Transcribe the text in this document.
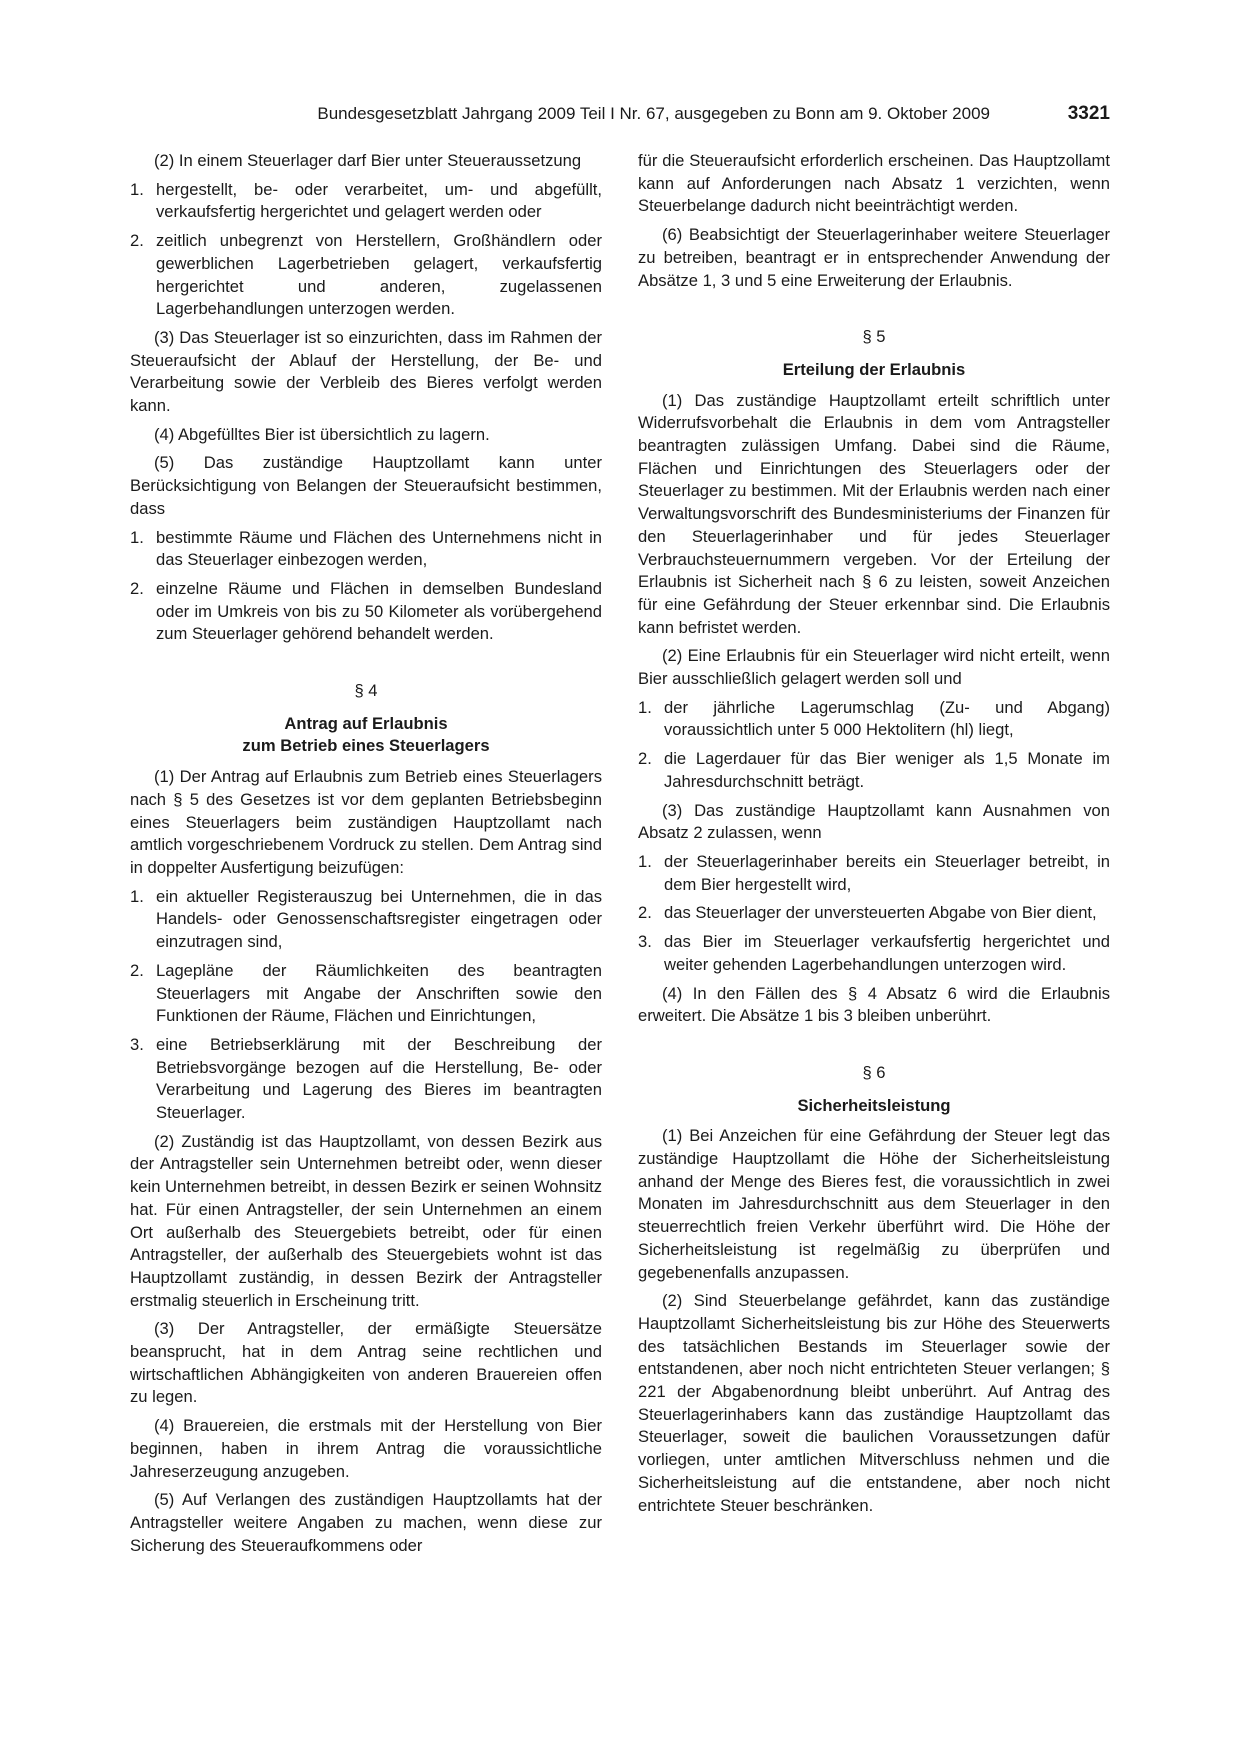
Bundesgesetzblatt Jahrgang 2009 Teil I Nr. 67, ausgegeben zu Bonn am 9. Oktober 2009	3321

(2) In einem Steuerlager darf Bier unter Steueraussetzung

1. hergestellt, be- oder verarbeitet, um- und abgefüllt, verkaufsfertig hergerichtet und gelagert werden oder
2. zeitlich unbegrenzt von Herstellern, Großhändlern oder gewerblichen Lagerbetrieben gelagert, verkaufsfertig hergerichtet und anderen, zugelassenen Lagerbehandlungen unterzogen werden.

(3) Das Steuerlager ist so einzurichten, dass im Rahmen der Steueraufsicht der Ablauf der Herstellung, der Be- und Verarbeitung sowie der Verbleib des Bieres verfolgt werden kann.

(4) Abgefülltes Bier ist übersichtlich zu lagern.

(5) Das zuständige Hauptzollamt kann unter Berücksichtigung von Belangen der Steueraufsicht bestimmen, dass

1. bestimmte Räume und Flächen des Unternehmens nicht in das Steuerlager einbezogen werden,
2. einzelne Räume und Flächen in demselben Bundesland oder im Umkreis von bis zu 50 Kilometer als vorübergehend zum Steuerlager gehörend behandelt werden.
§ 4
Antrag auf Erlaubnis
zum Betrieb eines Steuerlagers

(1) Der Antrag auf Erlaubnis zum Betrieb eines Steuerlagers nach § 5 des Gesetzes ist vor dem geplanten Betriebsbeginn eines Steuerlagers beim zuständigen Hauptzollamt nach amtlich vorgeschriebenem Vordruck zu stellen. Dem Antrag sind in doppelter Ausfertigung beizufügen:

1. ein aktueller Registerauszug bei Unternehmen, die in das Handels- oder Genossenschaftsregister eingetragen oder einzutragen sind,
2. Lagepläne der Räumlichkeiten des beantragten Steuerlagers mit Angabe der Anschriften sowie den Funktionen der Räume, Flächen und Einrichtungen,
3. eine Betriebserklärung mit der Beschreibung der Betriebsvorgänge bezogen auf die Herstellung, Be- oder Verarbeitung und Lagerung des Bieres im beantragten Steuerlager.

(2) Zuständig ist das Hauptzollamt, von dessen Bezirk aus der Antragsteller sein Unternehmen betreibt oder, wenn dieser kein Unternehmen betreibt, in dessen Bezirk er seinen Wohnsitz hat. Für einen Antragsteller, der sein Unternehmen an einem Ort außerhalb des Steuergebiets betreibt, oder für einen Antragsteller, der außerhalb des Steuergebiets wohnt ist das Hauptzollamt zuständig, in dessen Bezirk der Antragsteller erstmalig steuerlich in Erscheinung tritt.

(3) Der Antragsteller, der ermäßigte Steuersätze beansprucht, hat in dem Antrag seine rechtlichen und wirtschaftlichen Abhängigkeiten von anderen Brauereien offen zu legen.

(4) Brauereien, die erstmals mit der Herstellung von Bier beginnen, haben in ihrem Antrag die voraussichtliche Jahreserzeugung anzugeben.

(5) Auf Verlangen des zuständigen Hauptzollamts hat der Antragsteller weitere Angaben zu machen, wenn diese zur Sicherung des Steueraufkommens oder

für die Steueraufsicht erforderlich erscheinen. Das Hauptzollamt kann auf Anforderungen nach Absatz 1 verzichten, wenn Steuerbelange dadurch nicht beeinträchtigt werden.

(6) Beabsichtigt der Steuerlagerinhaber weitere Steuerlager zu betreiben, beantragt er in entsprechender Anwendung der Absätze 1, 3 und 5 eine Erweiterung der Erlaubnis.

§ 5
Erteilung der Erlaubnis

(1) Das zuständige Hauptzollamt erteilt schriftlich unter Widerrufsvorbehalt die Erlaubnis in dem vom Antragsteller beantragten zulässigen Umfang. Dabei sind die Räume, Flächen und Einrichtungen des Steuerlagers oder der Steuerlager zu bestimmen. Mit der Erlaubnis werden nach einer Verwaltungsvorschrift des Bundesministeriums der Finanzen für den Steuerlagerinhaber und für jedes Steuerlager Verbrauchsteuernummern vergeben. Vor der Erteilung der Erlaubnis ist Sicherheit nach § 6 zu leisten, soweit Anzeichen für eine Gefährdung der Steuer erkennbar sind. Die Erlaubnis kann befristet werden.

(2) Eine Erlaubnis für ein Steuerlager wird nicht erteilt, wenn Bier ausschließlich gelagert werden soll und

1. der jährliche Lagerumschlag (Zu- und Abgang) voraussichtlich unter 5 000 Hektolitern (hl) liegt,
2. die Lagerdauer für das Bier weniger als 1,5 Monate im Jahresdurchschnitt beträgt.

(3) Das zuständige Hauptzollamt kann Ausnahmen von Absatz 2 zulassen, wenn

1. der Steuerlagerinhaber bereits ein Steuerlager betreibt, in dem Bier hergestellt wird,
2. das Steuerlager der unversteuerten Abgabe von Bier dient,
3. das Bier im Steuerlager verkaufsfertig hergerichtet und weiter gehenden Lagerbehandlungen unterzogen wird.

(4) In den Fällen des § 4 Absatz 6 wird die Erlaubnis erweitert. Die Absätze 1 bis 3 bleiben unberührt.

§ 6
Sicherheitsleistung

(1) Bei Anzeichen für eine Gefährdung der Steuer legt das zuständige Hauptzollamt die Höhe der Sicherheitsleistung anhand der Menge des Bieres fest, die voraussichtlich in zwei Monaten im Jahresdurchschnitt aus dem Steuerlager in den steuerrechtlich freien Verkehr überführt wird. Die Höhe der Sicherheitsleistung ist regelmäßig zu überprüfen und gegebenenfalls anzupassen.

(2) Sind Steuerbelange gefährdet, kann das zuständige Hauptzollamt Sicherheitsleistung bis zur Höhe des Steuerwerts des tatsächlichen Bestands im Steuerlager sowie der entstandenen, aber noch nicht entrichteten Steuer verlangen; § 221 der Abgabenordnung bleibt unberührt. Auf Antrag des Steuerlagerinhabers kann das zuständige Hauptzollamt das Steuerlager, soweit die baulichen Voraussetzungen dafür vorliegen, unter amtlichen Mitverschluss nehmen und die Sicherheitsleistung auf die entstandene, aber noch nicht entrichtete Steuer beschränken.
